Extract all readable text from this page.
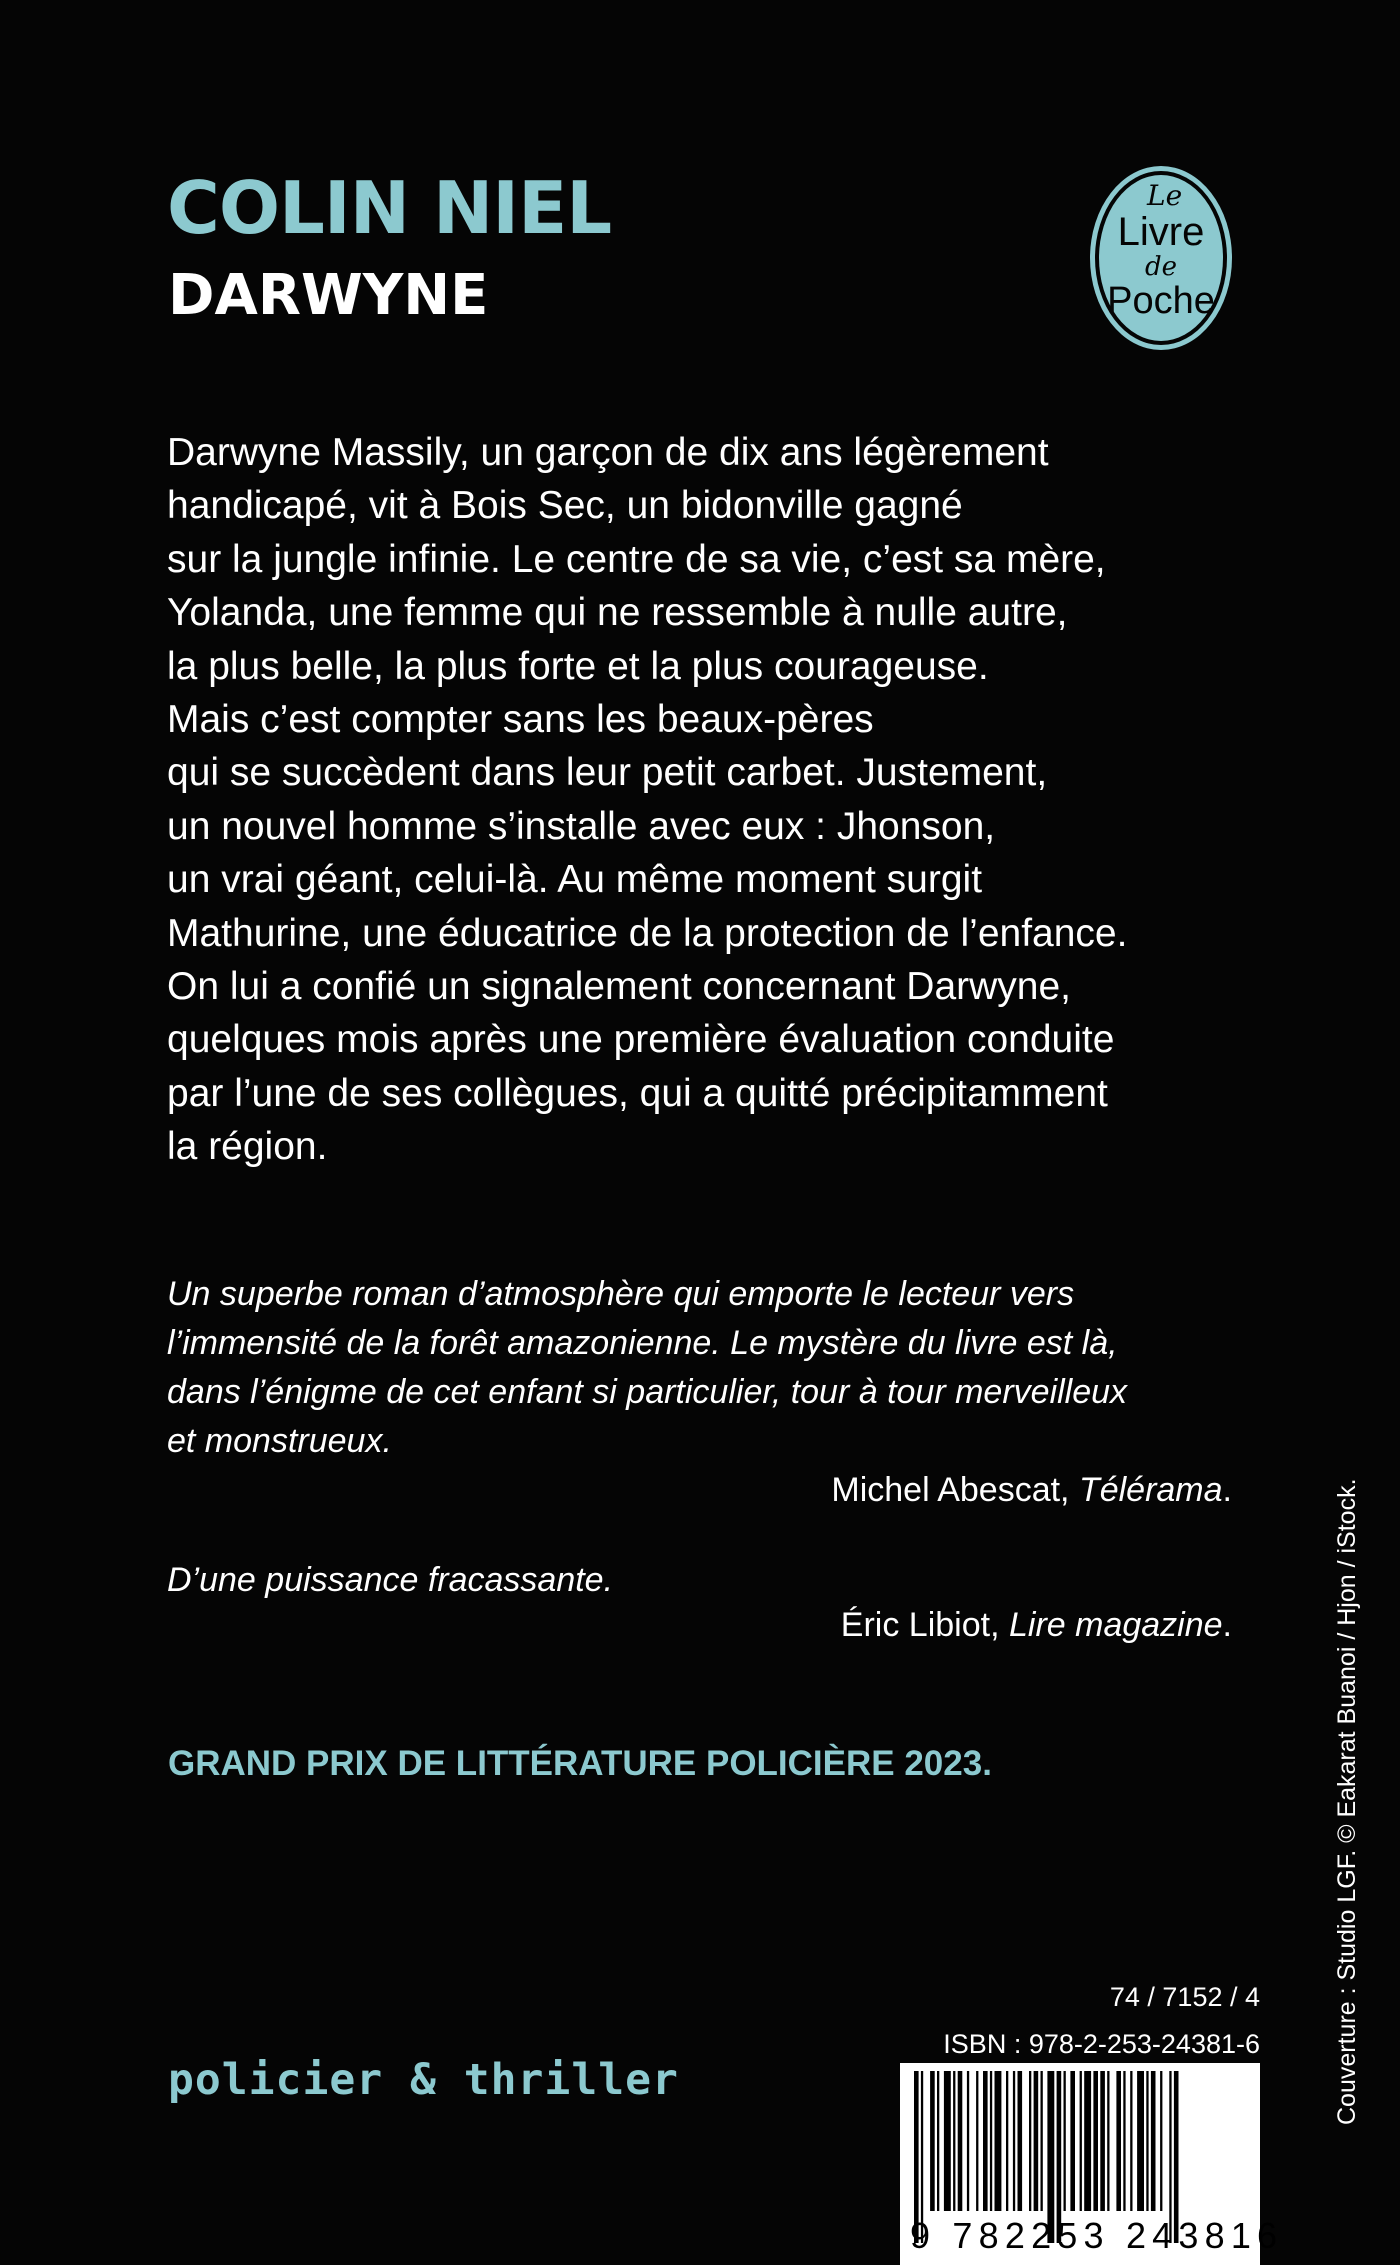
COLIN NIEL
DARWYNE
Le
Livre
de
Poche
Darwyne Massily, un garçon de dix ans légèrement
handicapé, vit à Bois Sec, un bidonville gagné
sur la jungle infinie. Le centre de sa vie, c’est sa mère,
Yolanda, une femme qui ne ressemble à nulle autre,
la plus belle, la plus forte et la plus courageuse.
Mais c’est compter sans les beaux-pères
qui se succèdent dans leur petit carbet. Justement,
un nouvel homme s’installe avec eux : Jhonson,
un vrai géant, celui-là. Au même moment surgit
Mathurine, une éducatrice de la protection de l’enfance.
On lui a confié un signalement concernant Darwyne,
quelques mois après une première évaluation conduite
par l’une de ses collègues, qui a quitté précipitamment
la région.
Un superbe roman d’atmosphère qui emporte le lecteur vers
l’immensité de la forêt amazonienne. Le mystère du livre est là,
dans l’énigme de cet enfant si particulier, tour à tour merveilleux
et monstrueux.
Michel Abescat, Télérama.
D’une puissance fracassante.
Éric Libiot, Lire magazine.
GRAND PRIX DE LITTÉRATURE POLICIÈRE 2023.
policier & thriller
74 / 7152 / 4
ISBN : 978-2-253-24381-6
9 782253 243816
Couverture : Studio LGF. © Eakarat Buanoi / Hjon / iStock.
